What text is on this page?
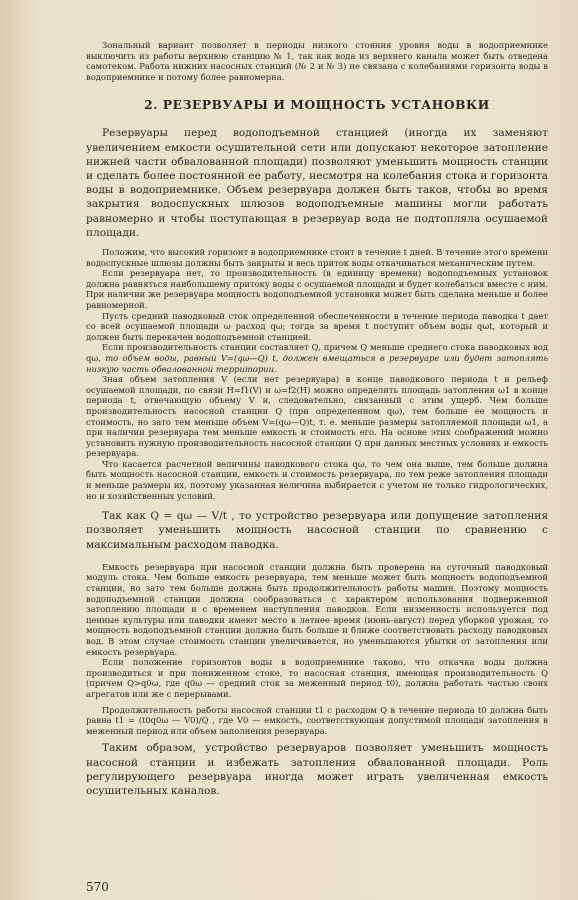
Зональный вариант позволяет в периоды низкого стояния уровня воды в водоприемнике выключить из работы верхнюю станцию № 1, так как вода из верхнего канала может быть отведена самотеком. Работа нижних насосных станций (№ 2 и № 3) не связана с колебаниями горизонта воды в водоприемнике и потому более равномерна.

2. РЕЗЕРВУАРЫ И МОЩНОСТЬ УСТАНОВКИ

Резервуары перед водоподъемной станцией (иногда их заменяют увеличением емкости осушительной сети или допускают некоторое затопление нижней части обвалованной площади) позволяют уменьшить мощность станции и сделать более постоянной ее работу, несмотря на колебания стока и горизонта воды в водоприемнике. Объем резервуара должен быть таков, чтобы во время закрытия водоспускных шлюзов водоподъемные машины могли работать равномерно и чтобы поступающая в резервуар вода не подтопляла осушаемой площади.

Положим, что высокий горизонт в водоприемнике стоит в течение t дней. В течение этого времени водоспускные шлюзы должны быть закрыты и весь приток воды откачиваться механическим путем.

Если резервуара нет, то производительность (в единицу времени) водоподъемных установок должна равняться наибольшему притоку воды с осушаемой площади и будет колебаться вместе с ним. При наличии же резервуара мощность водоподъемной установки может быть сделана меньше и более равномерной.

Пусть средний паводковый сток определенной обеспеченности в течение периода паводка t дает со всей осушаемой площади ω расход qω; тогда за время t поступит объем воды qωt, который и должен быть перекачен водоподъемной станцией.

Если производительность станции составляет Q, причем Q меньше среднего стока паводковых вод qω, то объем воды, равный V=(qω—Q) t, должен вмещаться в резервуаре или будет затоплять низкую часть обвалованной территории.

Зная объем затопления V (если нет резервуара) в конце паводкового периода t и рельеф осушаемой площади, по связи H=f1(V) и ω=f2(H) можно определить площадь затопления ω1 в конце периода t, отвечающую объему V и, следовательно, связанный с этим ущерб. Чем больше производительность насосной станции Q (при определенном qω), тем больше ее мощность и стоимость, но зато тем меньше объем V=(qω—Q)t, т. е. меньше размеры затопляемой площади ω1, а при наличии резервуара тем меньше емкость и стоимость его. На основе этих соображений можно установить нужную производительность насосной станции Q при данных местных условиях и емкость резервуара.

Что касается расчетной величины паводкового стока qω, то чем она выше, тем больше должна быть мощность насосной станции, емкость и стоимость резервуара, по тем реже затопления площади и меньше размеры их, поэтому указанная величина выбирается с учетом не только гидрологических, но и хозяйственных условий.

Так как Q = qω — V/t , то устройство резервуара или допущение затопления позволяет уменьшить мощность насосной станции по сравнению с максимальным расходом паводка.

Емкость резервуара при насосной станции должна быть проверена на суточный паводковый модуль стока. Чем больше емкость резервуара, тем меньше может быть мощность водоподъемной станции, но зато тем больше должна быть продолжительность работы машин. Поэтому мощность водоподъемной станции должна сообразоваться с характером использования подверженной затоплению площади и с временем наступления паводков. Если низменность используется под ценные культуры или паводки имеют место в летнее время (июнь-август) перед уборкой урожая, то мощность водоподъемной станции должна быть больше и ближе соответствовать расходу паводковых вод. В этом случае стоимость станции увеличивается, но уменьшаются убытки от затопления или емкость резервуара.

Если положение горизонтов воды в водоприемнике таково, что откачка воды должна производиться и при пониженном стоке, то насосная станция, имеющая производительность Q (причем Q>q0ω, где q0ω — средний сток за меженный период t0), должна работать частью своих агрегатов или же с перерывами.

Продолжительность работы насосной станции t1 с расходом Q в течение периода t0 должна быть равна t1 = (t0q0ω — V0)/Q , где V0 — емкость, соответствующая допустимой площади затопления в меженный период или объем заполнения резервуара.

Таким образом, устройство резервуаров позволяет уменьшить мощность насосной станции и избежать затопления обвалованной площади. Роль регулирующего резервуара иногда может играть увеличенная емкость осушительных каналов.

570
